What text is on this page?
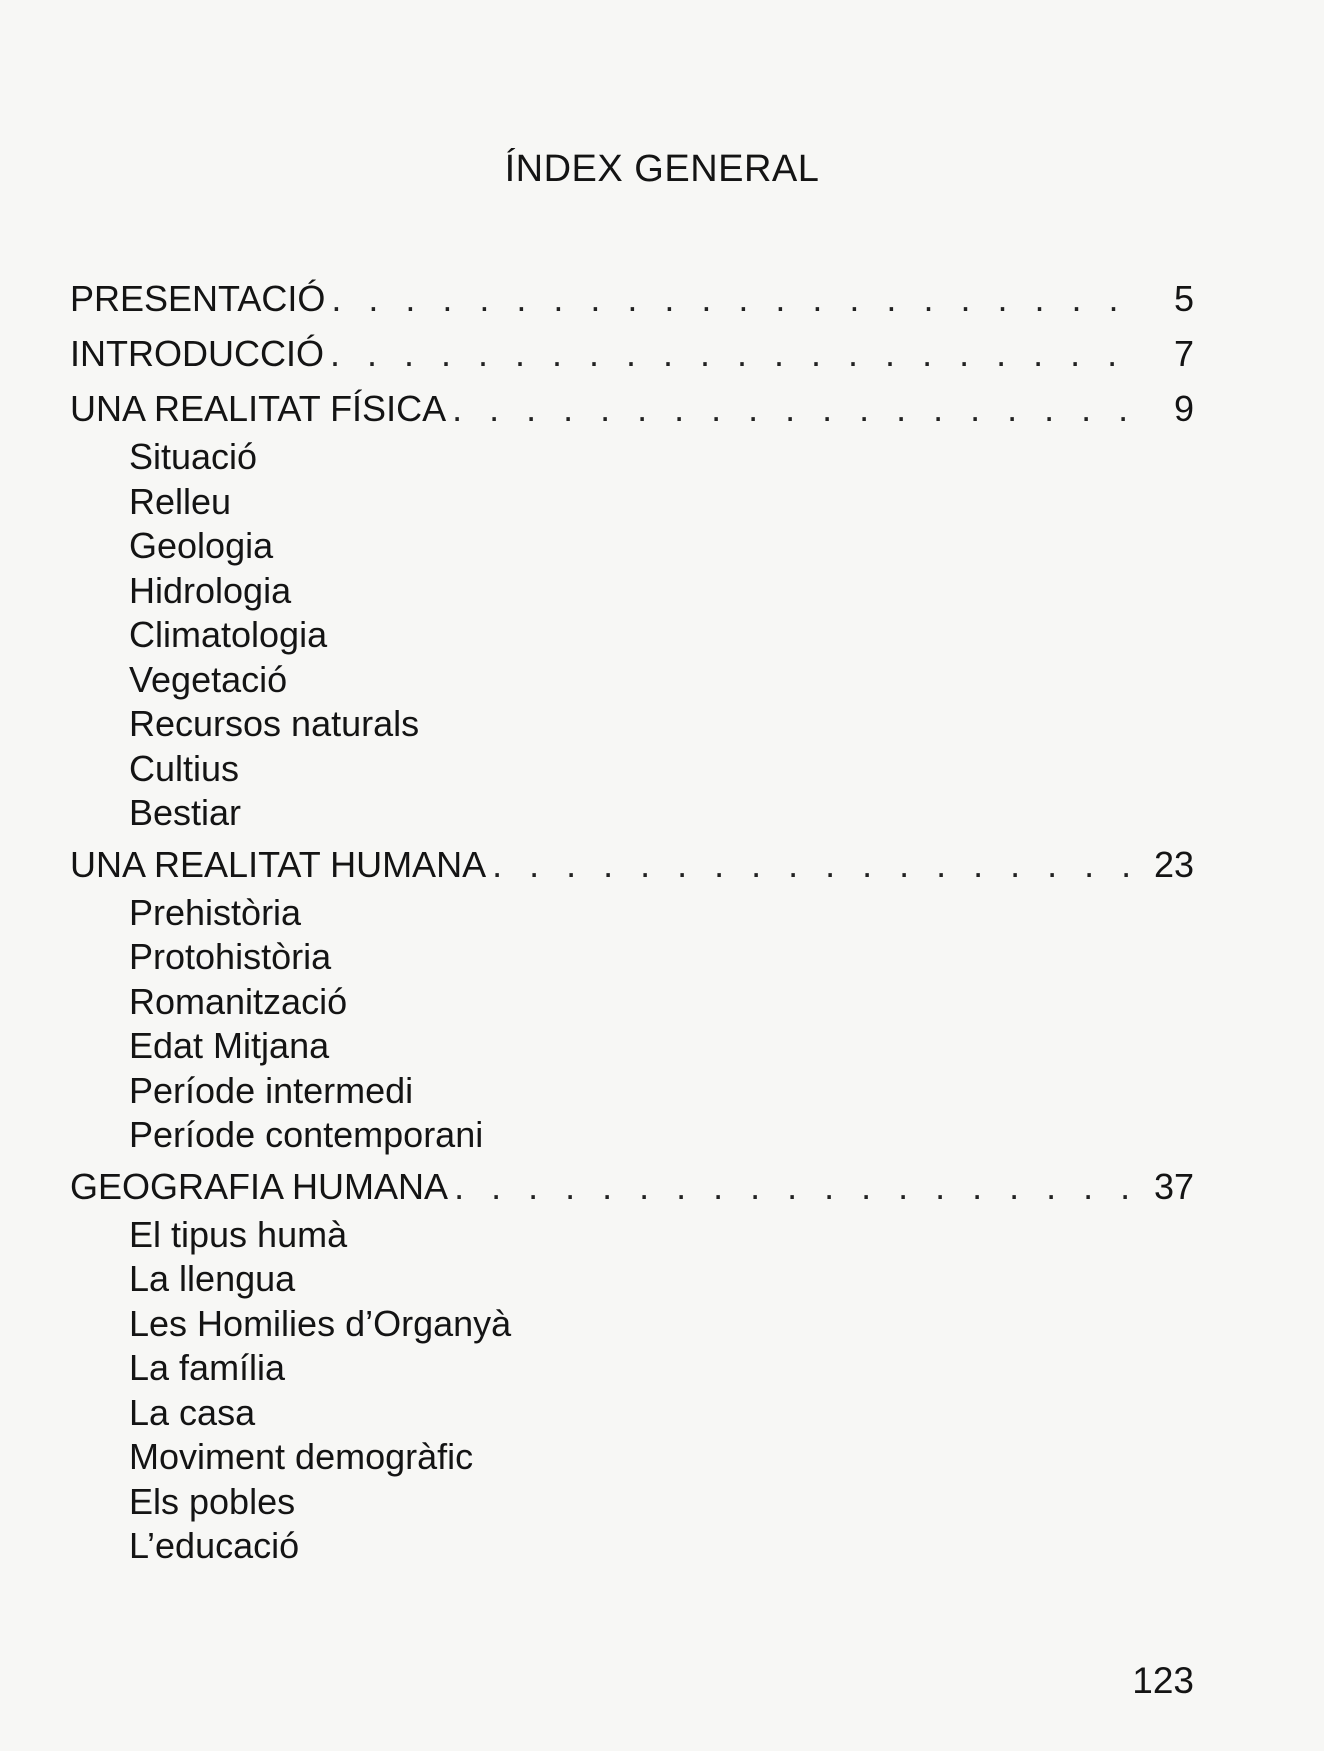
ÍNDEX GENERAL
PRESENTACIÓ . . .	5
INTRODUCCIÓ . . .	7
UNA REALITAT FÍSICA . . .	9
Situació
Relleu
Geologia
Hidrologia
Climatologia
Vegetació
Recursos naturals
Cultius
Bestiar
UNA REALITAT HUMANA . . .	23
Prehistòria
Protohistòria
Romanització
Edat Mitjana
Període intermedi
Període contemporani
GEOGRAFIA HUMANA . . .	37
El tipus humà
La llengua
Les Homilies d’Organyà
La família
La casa
Moviment demogràfic
Els pobles
L’educació
123
